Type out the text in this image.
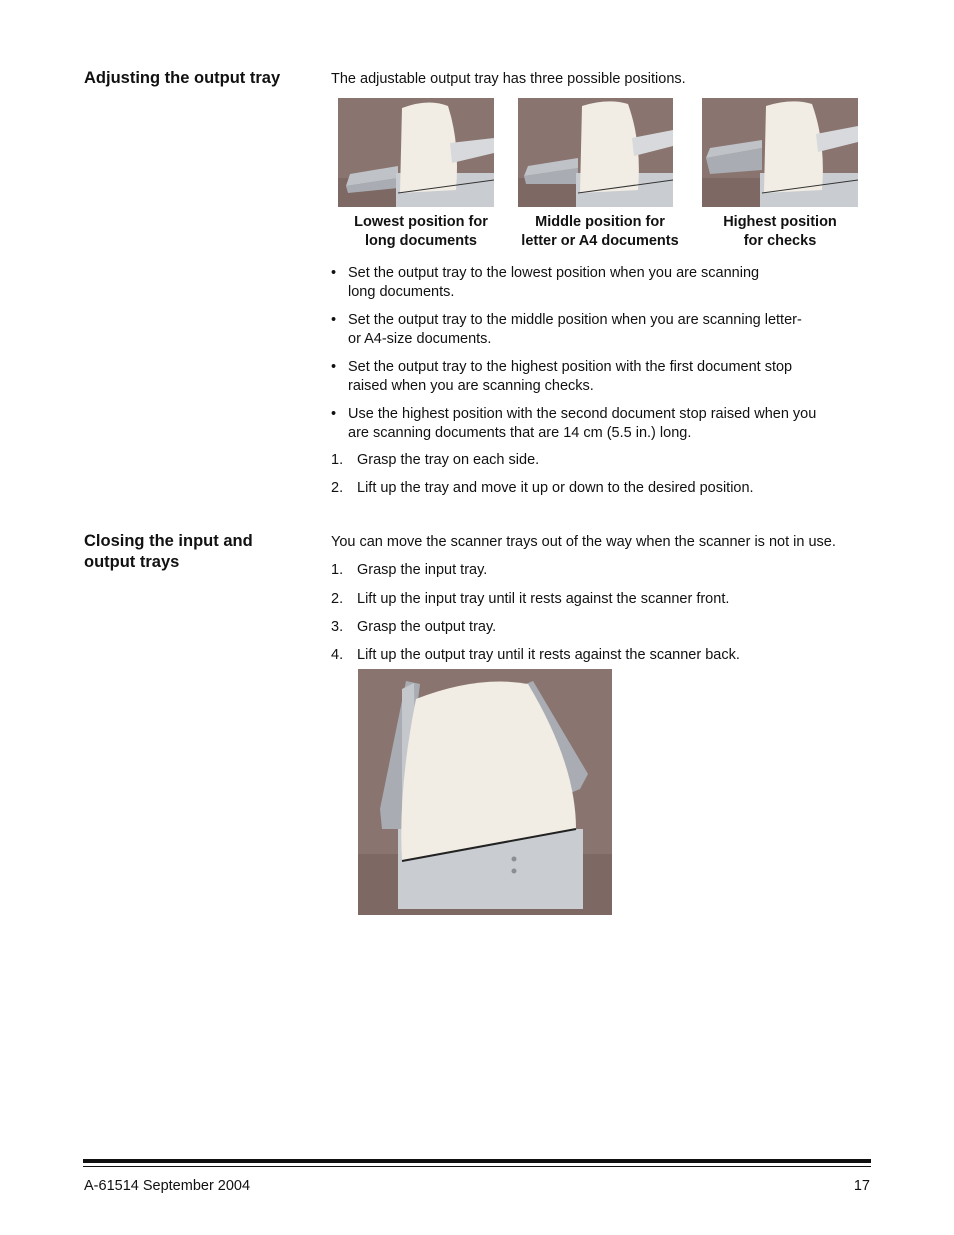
Adjusting the output tray	The adjustable output tray has three possible positions.
Lowest position for
long documents
Middle position for
letter or A4 documents
Highest position
for checks
• Set the output tray to the lowest position when you are scanning
long documents.
• Set the output tray to the middle position when you are scanning letter-
or A4-size documents.
• Set the output tray to the highest position with the first document stop
raised when you are scanning checks.
• Use the highest position with the second document stop raised when you
are scanning documents that are 14 cm (5.5 in.) long.
1. Grasp the tray on each side.
2. Lift up the tray and move it up or down to the desired position.
Closing the input and
output trays
You can move the scanner trays out of the way when the scanner is not in use.
1. Grasp the input tray.
2. Lift up the input tray until it rests against the scanner front.
3. Grasp the output tray.
4. Lift up the output tray until it rests against the scanner back.
A-61514 September 2004	17
